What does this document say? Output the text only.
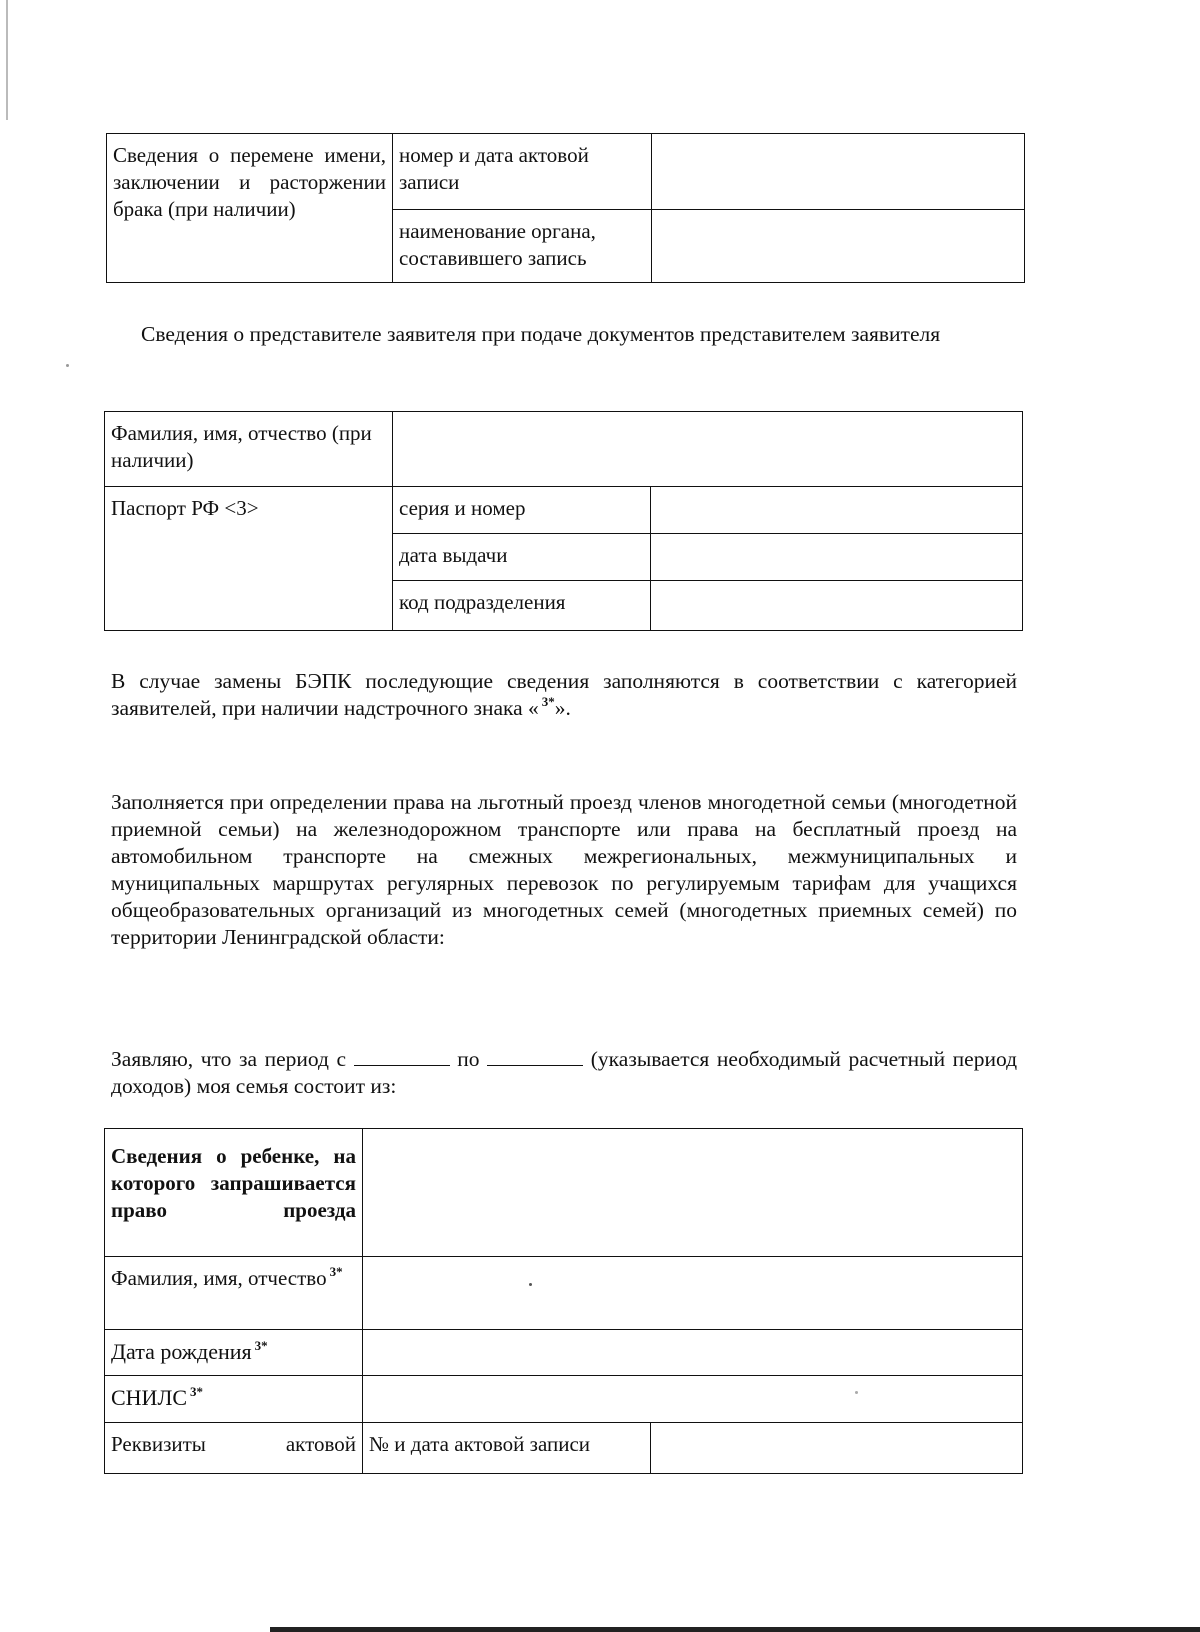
Сведения о перемене имени, заключении и расторжении брака (при наличии)	номер и дата актовой записи	
	наименование органа, составившего запись	

Сведения о представителе заявителя при подаче документов представителем заявителя

Фамилия, имя, отчество (при наличии)		
Паспорт РФ <3>	серия и номер	
	дата выдачи	
	код подразделения	

В случае замены БЭПК последующие сведения заполняются в соответствии с категорией заявителей, при наличии надстрочного знака « $^{3*}$».

Заполняется при определении права на льготный проезд членов многодетной семьи (многодетной приемной семьи) на железнодорожном транспорте или права на бесплатный проезд на автомобильном транспорте на смежных межрегиональных, межмуниципальных и муниципальных маршрутах регулярных перевозок по регулируемым тарифам для учащихся общеобразовательных организаций из многодетных семей (многодетных приемных семей) по территории Ленинградской области:

Заявляю, что за период с	по	(указывается необходимый расчетный период доходов) моя семья состоит из:

Сведения о ребенке, на которого запрашивается право проезда		
Фамилия, имя, отчество $^{3*}$	
Дата рождения $^{3*}$	
СНИЛС $^{3*}$	
Реквизиты актовой	№ и дата актовой записи	
